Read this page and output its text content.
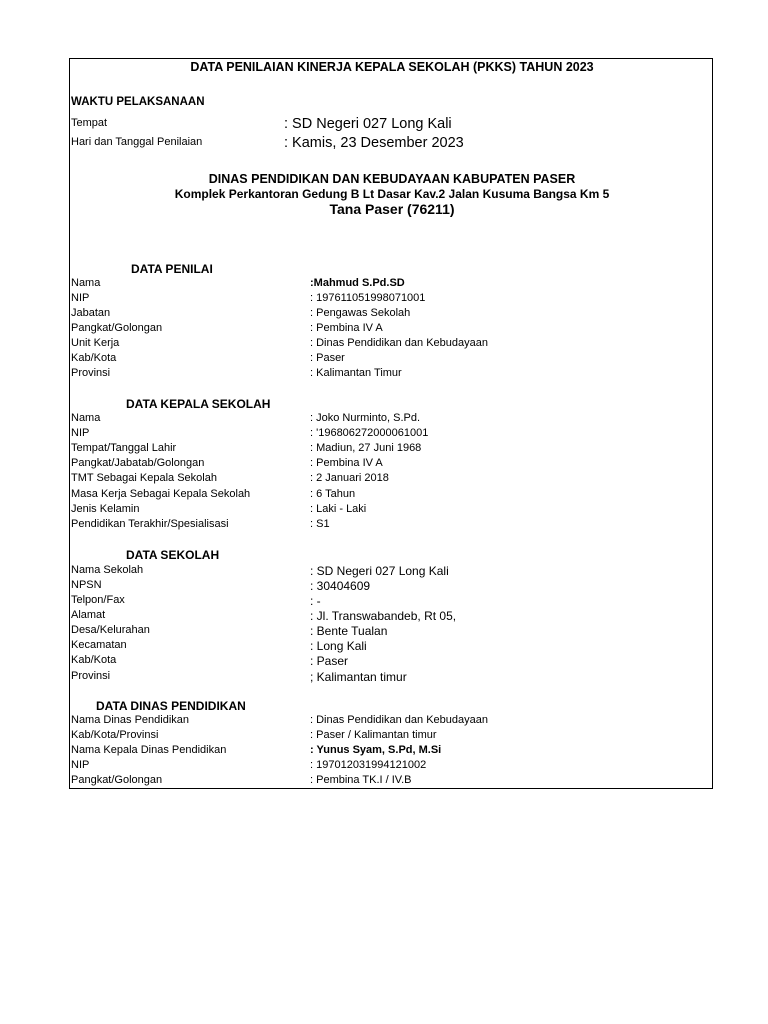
DATA PENILAIAN KINERJA KEPALA SEKOLAH (PKKS) TAHUN 2023
WAKTU PELAKSANAAN
Tempat	: SD Negeri 027 Long Kali
Hari dan Tanggal Penilaian	: Kamis, 23 Desember 2023
DINAS PENDIDIKAN DAN KEBUDAYAAN KABUPATEN PASER
Komplek Perkantoran Gedung B Lt Dasar Kav.2 Jalan Kusuma Bangsa Km 5
Tana Paser (76211)
DATA PENILAI
Nama	:Mahmud S.Pd.SD
NIP	: 197611051998071001
Jabatan	: Pengawas Sekolah
Pangkat/Golongan	: Pembina IV A
Unit Kerja	: Dinas Pendidikan dan Kebudayaan
Kab/Kota	: Paser
Provinsi	: Kalimantan Timur
DATA KEPALA SEKOLAH
Nama	: Joko Nurminto, S.Pd.
NIP	: '196806272000061001
Tempat/Tanggal Lahir	: Madiun, 27 Juni 1968
Pangkat/Jabatab/Golongan	: Pembina IV A
TMT Sebagai Kepala Sekolah	: 2 Januari 2018
Masa Kerja Sebagai Kepala Sekolah	: 6 Tahun
Jenis Kelamin	: Laki - Laki
Pendidikan Terakhir/Spesialisasi	: S1
DATA SEKOLAH
Nama Sekolah	: SD Negeri 027 Long Kali
NPSN	: 30404609
Telpon/Fax	: -
Alamat	: Jl. Transwabandeb, Rt 05,
Desa/Kelurahan	: Bente Tualan
Kecamatan	: Long Kali
Kab/Kota	: Paser
Provinsi	; Kalimantan timur
DATA DINAS PENDIDIKAN
Nama Dinas Pendidikan	: Dinas Pendidikan dan Kebudayaan
Kab/Kota/Provinsi	: Paser / Kalimantan timur
Nama Kepala Dinas Pendidikan	: Yunus Syam, S.Pd, M.Si
NIP	: 197012031994121002
Pangkat/Golongan	: Pembina TK.I / IV.B
